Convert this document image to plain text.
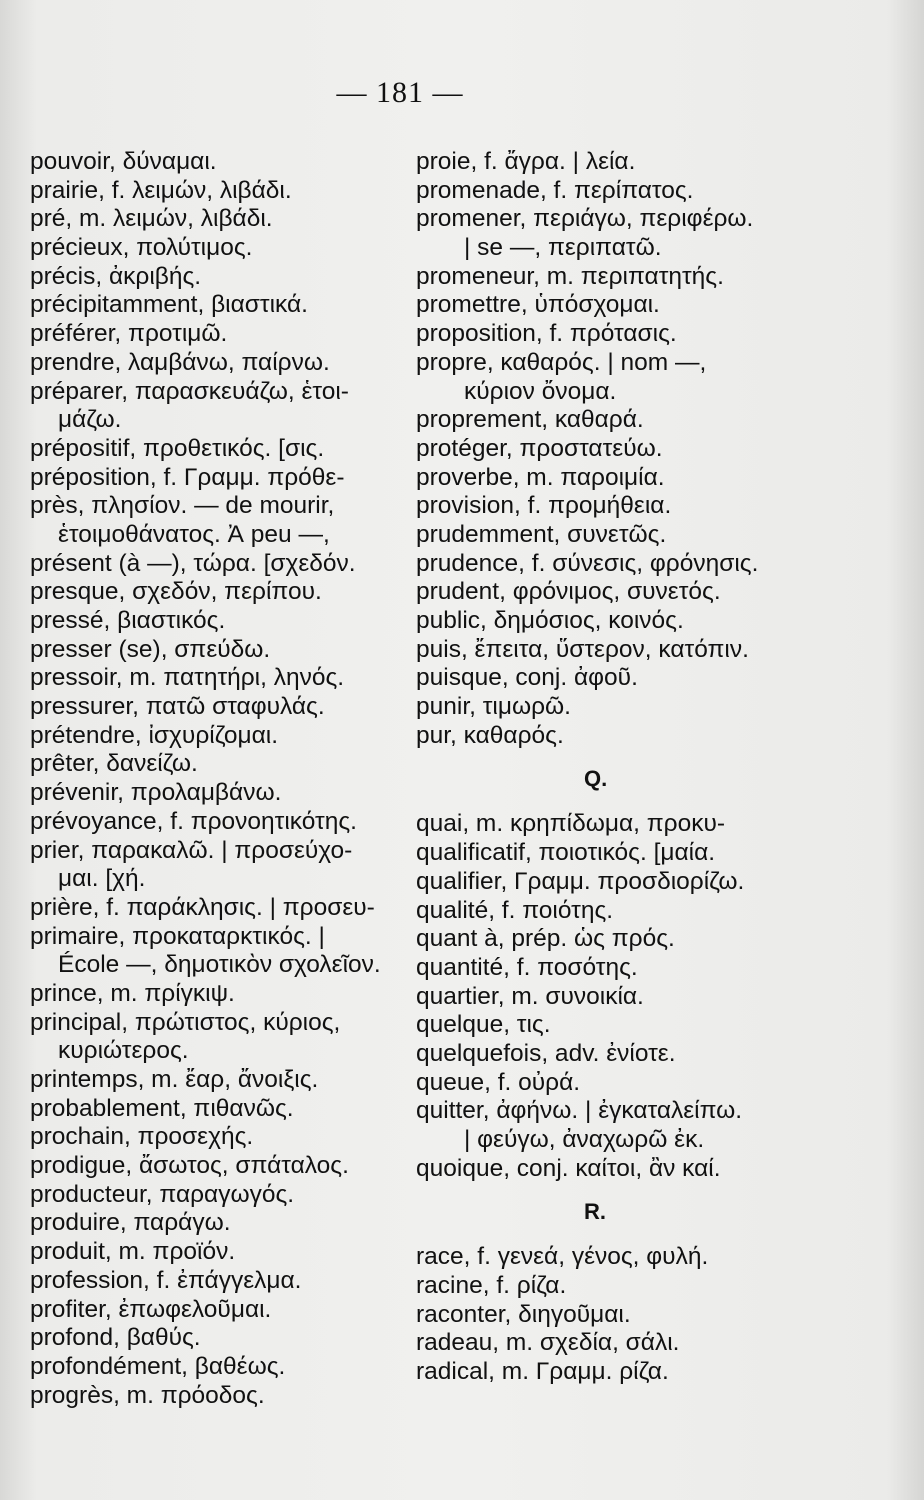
— 181 —
pouvoir, δύναμαι.
prairie, f. λειμών, λιβάδι.
pré, m. λειμών, λιβάδι.
précieux, πολύτιμος.
précis, ἀκριβής.
précipitamment, βιαστικά.
préférer, προτιμῶ.
prendre, λαμβάνω, παίρνω.
préparer, παρασκευάζω, ἑτοι-
μάζω.
prépositif, προθετικός. [σις.
préposition, f. Γραμμ. πρόθε-
près, πλησίον. — de mourir,
ἑτοιμοθάνατος. Ἀ peu —,
présent (à —), τώρα. [σχεδόν.
presque, σχεδόν, περίπου.
pressé, βιαστικός.
presser (se), σπεύδω.
pressoir, m. πατητήρι, ληνός.
pressurer, πατῶ σταφυλάς.
prétendre, ἰσχυρίζομαι.
prêter, δανείζω.
prévenir, προλαμβάνω.
prévoyance, f. προνοητικότης.
prier, παρακαλῶ. | προσεύχο-
μαι. [χή.
prière, f. παράκλησις. | προσευ-
primaire, προκαταρκτικός. |
École —, δημοτικὸν σχολεῖον.
prince, m. πρίγκιψ.
principal, πρώτιστος, κύριος,
κυριώτερος.
printemps, m. ἔαρ, ἄνοιξις.
probablement, πιθανῶς.
prochain, προσεχής.
prodigue, ἄσωτος, σπάταλος.
producteur, παραγωγός.
produire, παράγω.
produit, m. προϊόν.
profession, f. ἐπάγγελμα.
profiter, ἐπωφελοῦμαι.
profond, βαθύς.
profondément, βαθέως.
progrès, m. πρόοδος.
proie, f. ἄγρα. | λεία.
promenade, f. περίπατος.
promener, περιάγω, περιφέρω.
| se —, περιπατῶ.
promeneur, m. περιπατητής.
promettre, ὑπόσχομαι.
proposition, f. πρότασις.
propre, καθαρός. | nom —,
κύριον ὄνομα.
proprement, καθαρά.
protéger, προστατεύω.
proverbe, m. παροιμία.
provision, f. προμήθεια.
prudemment, συνετῶς.
prudence, f. σύνεσις, φρόνησις.
prudent, φρόνιμος, συνετός.
public, δημόσιος, κοινός.
puis, ἔπειτα, ὕστερον, κατόπιν.
puisque, conj. ἀφοῦ.
punir, τιμωρῶ.
pur, καθαρός.
Q.
quai, m. κρηπίδωμα, προκυ-
qualificatif, ποιοτικός. [μαία.
qualifier, Γραμμ. προσδιορίζω.
qualité, f. ποιότης.
quant à, prép. ὡς πρός.
quantité, f. ποσότης.
quartier, m. συνοικία.
quelque, τις.
quelquefois, adv. ἐνίοτε.
queue, f. οὐρά.
quitter, ἀφήνω. | ἐγκαταλείπω.
| φεύγω, ἀναχωρῶ ἐκ.
quoique, conj. καίτοι, ἂν καί.
R.
race, f. γενεά, γένος, φυλή.
racine, f. ρίζα.
raconter, διηγοῦμαι.
radeau, m. σχεδία, σάλι.
radical, m. Γραμμ. ρίζα.
